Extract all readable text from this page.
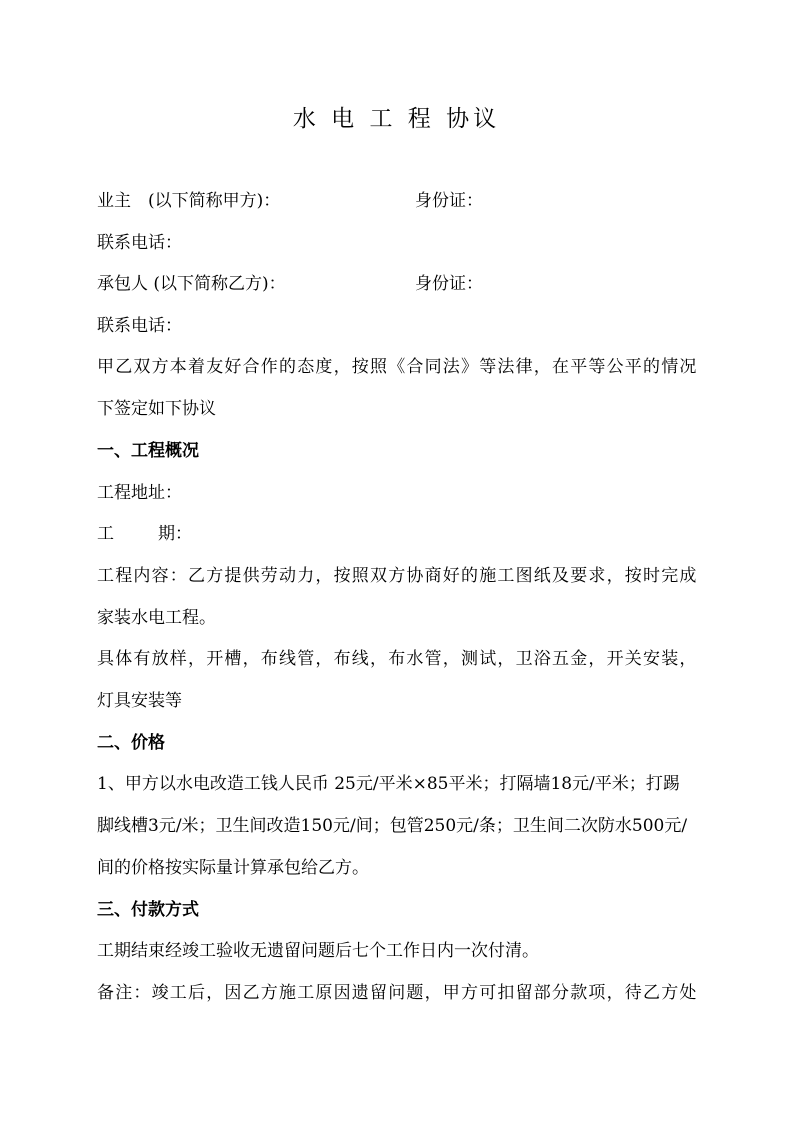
水 电 工 程 协议
业主　(以下简称甲方)：	身份证：
联系电话：
承包人 (以下简称乙方)：	身份证：
联系电话：
甲乙双方本着友好合作的态度，按照《合同法》等法律，在平等公平的情况
下签定如下协议
一、工程概况
工程地址：
工	期：
工程内容：乙方提供劳动力，按照双方协商好的施工图纸及要求，按时完成
家装水电工程。
具体有放样，开槽，布线管，布线，布水管，测试，卫浴五金，开关安装，
灯具安装等
二、价格
1、甲方以水电改造工钱人民币 25元/平米×85平米；打隔墙18元/平米；打踢
脚线槽3元/米；卫生间改造150元/间；包管250元/条；卫生间二次防水500元/
间的价格按实际量计算承包给乙方。
三、付款方式
工期结束经竣工验收无遗留问题后七个工作日内一次付清。
备注：竣工后，因乙方施工原因遗留问题，甲方可扣留部分款项，待乙方处
